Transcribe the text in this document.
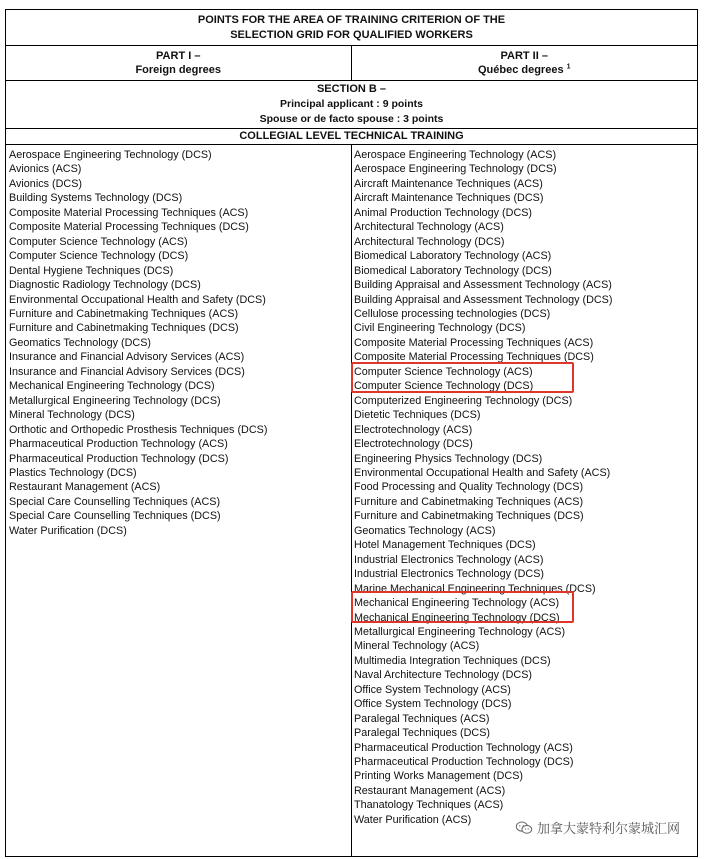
POINTS FOR THE AREA OF TRAINING CRITERION OF THE
SELECTION GRID FOR QUALIFIED WORKERS
PART I –
Foreign degrees
PART II –
Québec degrees $^1$
SECTION B –
Principal applicant : 9 points
Spouse or de facto spouse : 3 points
COLLEGIAL LEVEL TECHNICAL TRAINING
Aerospace Engineering Technology (DCS)
Avionics (ACS)
Avionics (DCS)
Building Systems Technology (DCS)
Composite Material Processing Techniques (ACS)
Composite Material Processing Techniques (DCS)
Computer Science Technology (ACS)
Computer Science Technology (DCS)
Dental Hygiene Techniques (DCS)
Diagnostic Radiology Technology (DCS)
Environmental Occupational Health and Safety (DCS)
Furniture and Cabinetmaking Techniques (ACS)
Furniture and Cabinetmaking Techniques (DCS)
Geomatics Technology (DCS)
Insurance and Financial Advisory Services (ACS)
Insurance and Financial Advisory Services (DCS)
Mechanical Engineering Technology (DCS)
Metallurgical Engineering Technology (DCS)
Mineral Technology (DCS)
Orthotic and Orthopedic Prosthesis Techniques (DCS)
Pharmaceutical Production Technology (ACS)
Pharmaceutical Production Technology (DCS)
Plastics Technology (DCS)
Restaurant Management (ACS)
Special Care Counselling Techniques (ACS)
Special Care Counselling Techniques (DCS)
Water Purification (DCS)
Aerospace Engineering Technology (ACS)
Aerospace Engineering Technology (DCS)
Aircraft Maintenance Techniques (ACS)
Aircraft Maintenance Techniques (DCS)
Animal Production Technology (DCS)
Architectural Technology (ACS)
Architectural Technology (DCS)
Biomedical Laboratory Technology (ACS)
Biomedical Laboratory Technology (DCS)
Building Appraisal and Assessment Technology (ACS)
Building Appraisal and Assessment Technology (DCS)
Cellulose processing technologies (DCS)
Civil Engineering Technology (DCS)
Composite Material Processing Techniques (ACS)
Composite Material Processing Techniques (DCS)
Computer Science Technology (ACS)
Computer Science Technology (DCS)
Computerized Engineering Technology (DCS)
Dietetic Techniques (DCS)
Electrotechnology (ACS)
Electrotechnology (DCS)
Engineering Physics Technology (DCS)
Environmental Occupational Health and Safety (ACS)
Food Processing and Quality Technology (DCS)
Furniture and Cabinetmaking Techniques (ACS)
Furniture and Cabinetmaking Techniques (DCS)
Geomatics Technology (ACS)
Hotel Management Techniques (DCS)
Industrial Electronics Technology (ACS)
Industrial Electronics Technology (DCS)
Marine Mechanical Engineering Techniques (DCS)
Mechanical Engineering Technology (ACS)
Mechanical Engineering Technology (DCS)
Metallurgical Engineering Technology (ACS)
Mineral Technology (ACS)
Multimedia Integration Techniques (DCS)
Naval Architecture Technology (DCS)
Office System Technology (ACS)
Office System Technology (DCS)
Paralegal Techniques (ACS)
Paralegal Techniques (DCS)
Pharmaceutical Production Technology (ACS)
Pharmaceutical Production Technology (DCS)
Printing Works Management (DCS)
Restaurant Management (ACS)
Thanatology Techniques (ACS)
Water Purification (ACS)
加拿大蒙特利尔蒙城汇网
